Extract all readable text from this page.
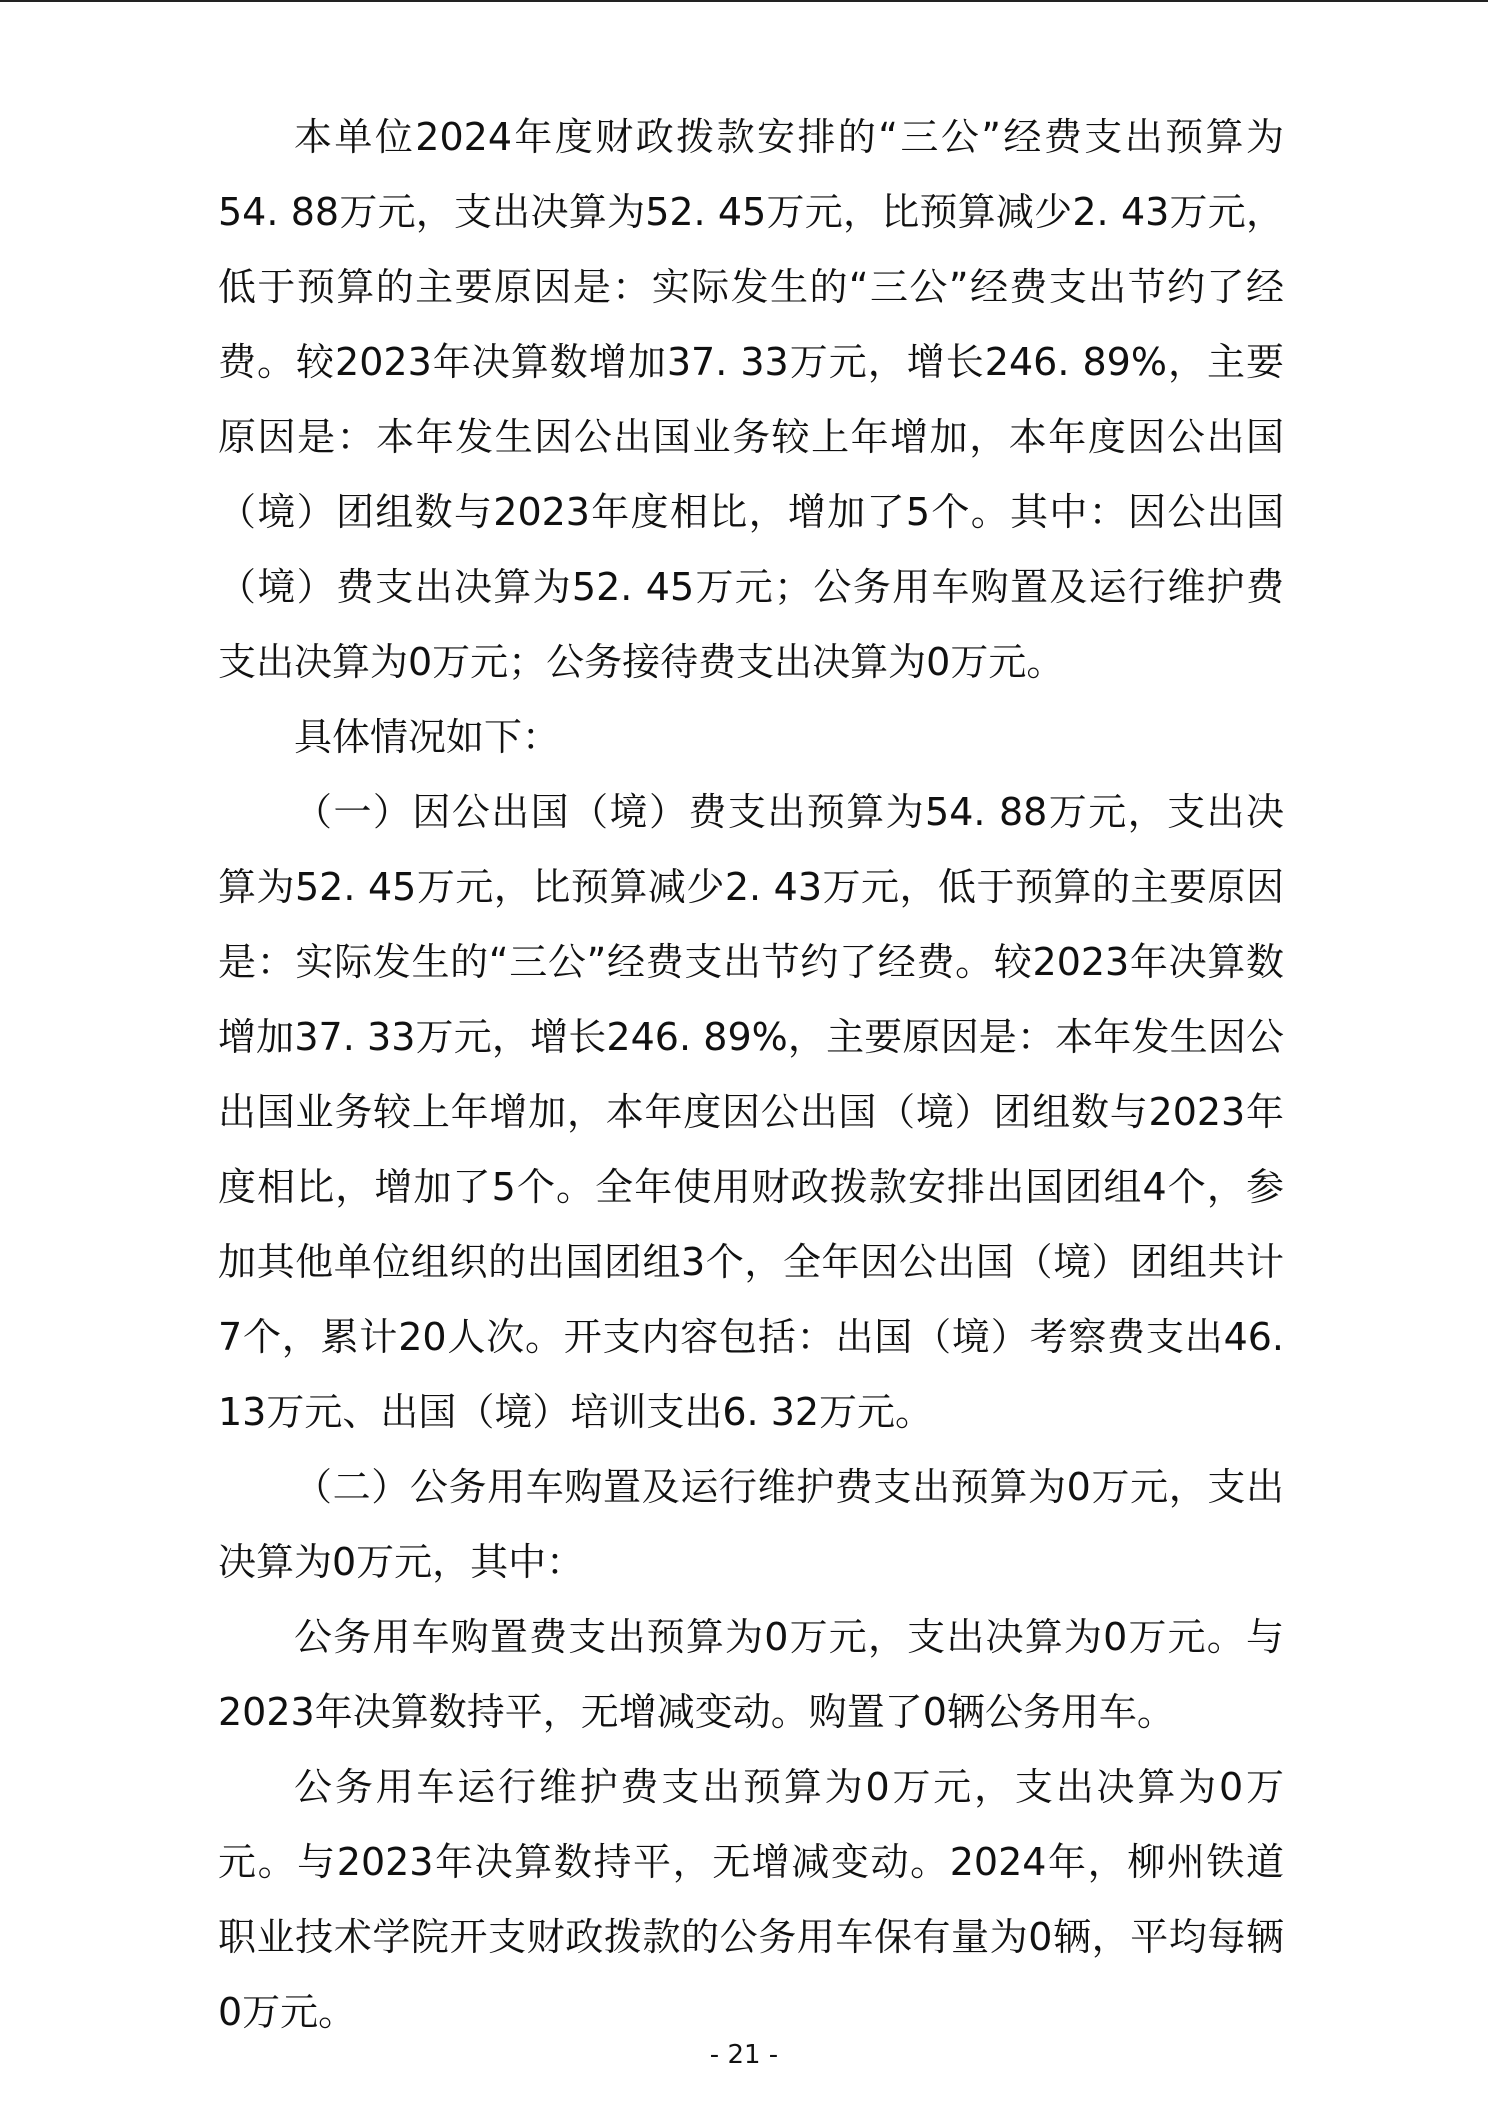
本单位2024年度财政拨款安排的“三公”经费支出预算为54. 88万元，支出决算为52. 45万元，比预算减少2. 43万元，低于预算的主要原因是：实际发生的“三公”经费支出节约了经费。较2023年决算数增加37. 33万元，增长246. 89%，主要原因是：本年发生因公出国业务较上年增加，本年度因公出国（境）团组数与2023年度相比，增加了5个。其中：因公出国（境）费支出决算为52. 45万元；公务用车购置及运行维护费支出决算为0万元；公务接待费支出决算为0万元。

具体情况如下：

（一）因公出国（境）费支出预算为54. 88万元，支出决算为52. 45万元，比预算减少2. 43万元，低于预算的主要原因是：实际发生的“三公”经费支出节约了经费。较2023年决算数增加37. 33万元，增长246. 89%，主要原因是：本年发生因公出国业务较上年增加，本年度因公出国（境）团组数与2023年度相比，增加了5个。全年使用财政拨款安排出国团组4个，参加其他单位组织的出国团组3个，全年因公出国（境）团组共计7个，累计20人次。开支内容包括：出国（境）考察费支出46. 13万元、出国（境）培训支出6. 32万元。

（二）公务用车购置及运行维护费支出预算为0万元，支出决算为0万元，其中：

公务用车购置费支出预算为0万元，支出决算为0万元。与2023年决算数持平，无增减变动。购置了0辆公务用车。

公务用车运行维护费支出预算为0万元，支出决算为0万元。与2023年决算数持平，无增减变动。2024年，柳州铁道职业技术学院开支财政拨款的公务用车保有量为0辆，平均每辆0万元。

- 21 -
